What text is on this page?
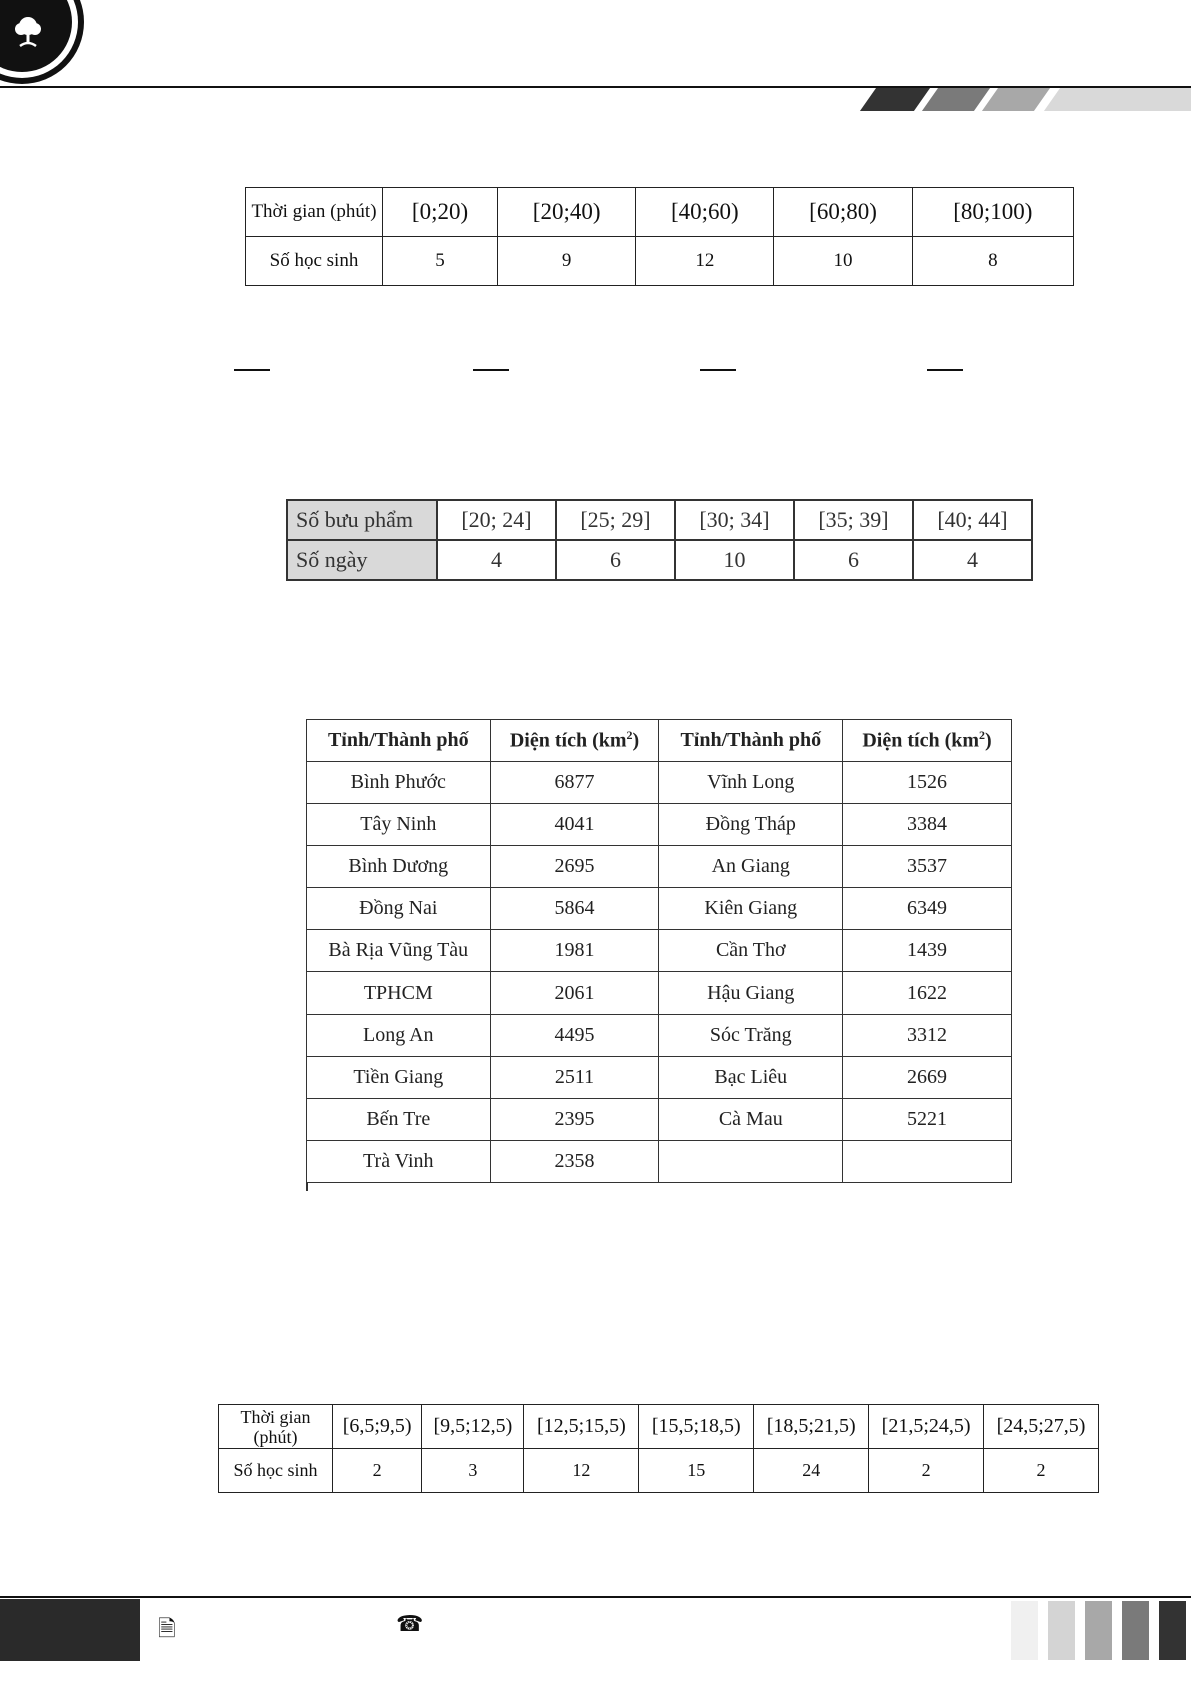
Thời gian (phút)	[0;20)	[20;40)	[40;60)	[60;80)	[80;100)
Số học sinh	5	9	12	10	8
Số bưu phẩm	[20; 24]	[25; 29]	[30; 34]	[35; 39]	[40; 44]
Số ngày	4	6	10	6	4
Tỉnh/Thành phố	Diện tích $(km^2)$	Tỉnh/Thành phố	Diện tích $(km^2)$
Bình Phước	6877	Vĩnh Long	1526
Tây Ninh	4041	Đồng Tháp	3384
Bình Dương	2695	An Giang	3537
Đồng Nai	5864	Kiên Giang	6349
Bà Rịa Vũng Tàu	1981	Cần Thơ	1439
TPHCM	2061	Hậu Giang	1622
Long An	4495	Sóc Trăng	3312
Tiền Giang	2511	Bạc Liêu	2669
Bến Tre	2395	Cà Mau	5221
Trà Vinh	2358		
Thời gian (phút)	[6,5;9,5)	[9,5;12,5)	[12,5;15,5)	[15,5;18,5)	[18,5;21,5)	[21,5;24,5)	[24,5;27,5)
Số học sinh	2	3	12	15	24	2	2
🗎	☎
